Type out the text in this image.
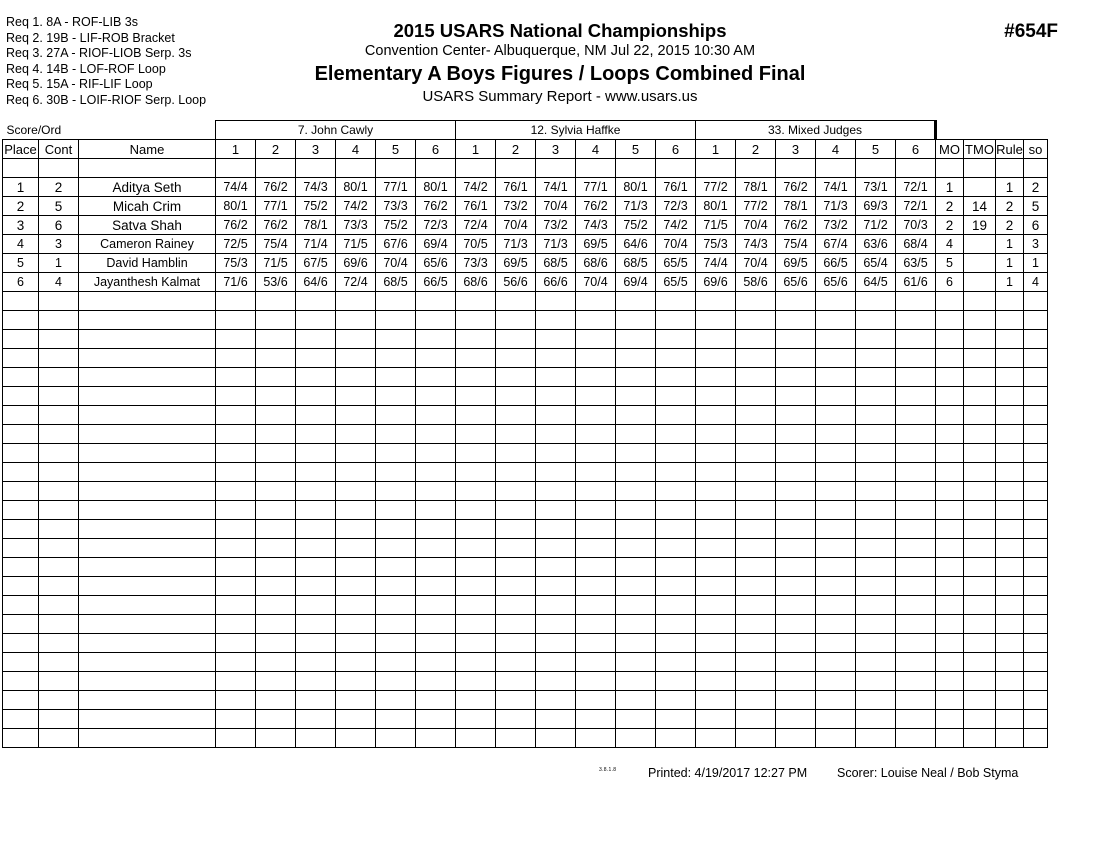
Req 1. 8A - ROF-LIB 3s
Req 2. 19B - LIF-ROB Bracket
Req 3. 27A - RIOF-LIOB Serp. 3s
Req 4. 14B - LOF-ROF Loop
Req 5. 15A - RIF-LIF Loop
Req 6. 30B - LOIF-RIOF Serp. Loop
2015 USARS National Championships
Convention Center- Albuquerque, NM Jul 22, 2015 10:30 AM
Elementary A Boys Figures / Loops Combined Final
USARS Summary Report - www.usars.us
#654F
Score/Ord			7. John Cawly						12. Sylvia Haffke						33. Mixed Judges									
Place	Cont	Name	1	2	3	4	5	6	1	2	3	4	5	6	1	2	3	4	5	6	MO	TMO	Rule	so

1	2	Aditya Seth	74/4	76/2	74/3	80/1	77/1	80/1	74/2	76/1	74/1	77/1	80/1	76/1	77/2	78/1	76/2	74/1	73/1	72/1	1		1	2
2	5	Micah Crim	80/1	77/1	75/2	74/2	73/3	76/2	76/1	73/2	70/4	76/2	71/3	72/3	80/1	77/2	78/1	71/3	69/3	72/1	2	14	2	5
3	6	Satva Shah	76/2	76/2	78/1	73/3	75/2	72/3	72/4	70/4	73/2	74/3	75/2	74/2	71/5	70/4	76/2	73/2	71/2	70/3	2	19	2	6
4	3	Cameron Rainey	72/5	75/4	71/4	71/5	67/6	69/4	70/5	71/3	71/3	69/5	64/6	70/4	75/3	74/3	75/4	67/4	63/6	68/4	4		1	3
5	1	David Hamblin	75/3	71/5	67/5	69/6	70/4	65/6	73/3	69/5	68/5	68/6	68/5	65/5	74/4	70/4	69/5	66/5	65/4	63/5	5		1	1
6	4	Jayanthesh Kalmat	71/6	53/6	64/6	72/4	68/5	66/5	68/6	56/6	66/6	70/4	69/4	65/5	69/6	58/6	65/6	65/6	64/5	61/6	6		1	4

3.8.1.8	Printed: 4/19/2017 12:27 PM Scorer: Louise Neal / Bob Styma
